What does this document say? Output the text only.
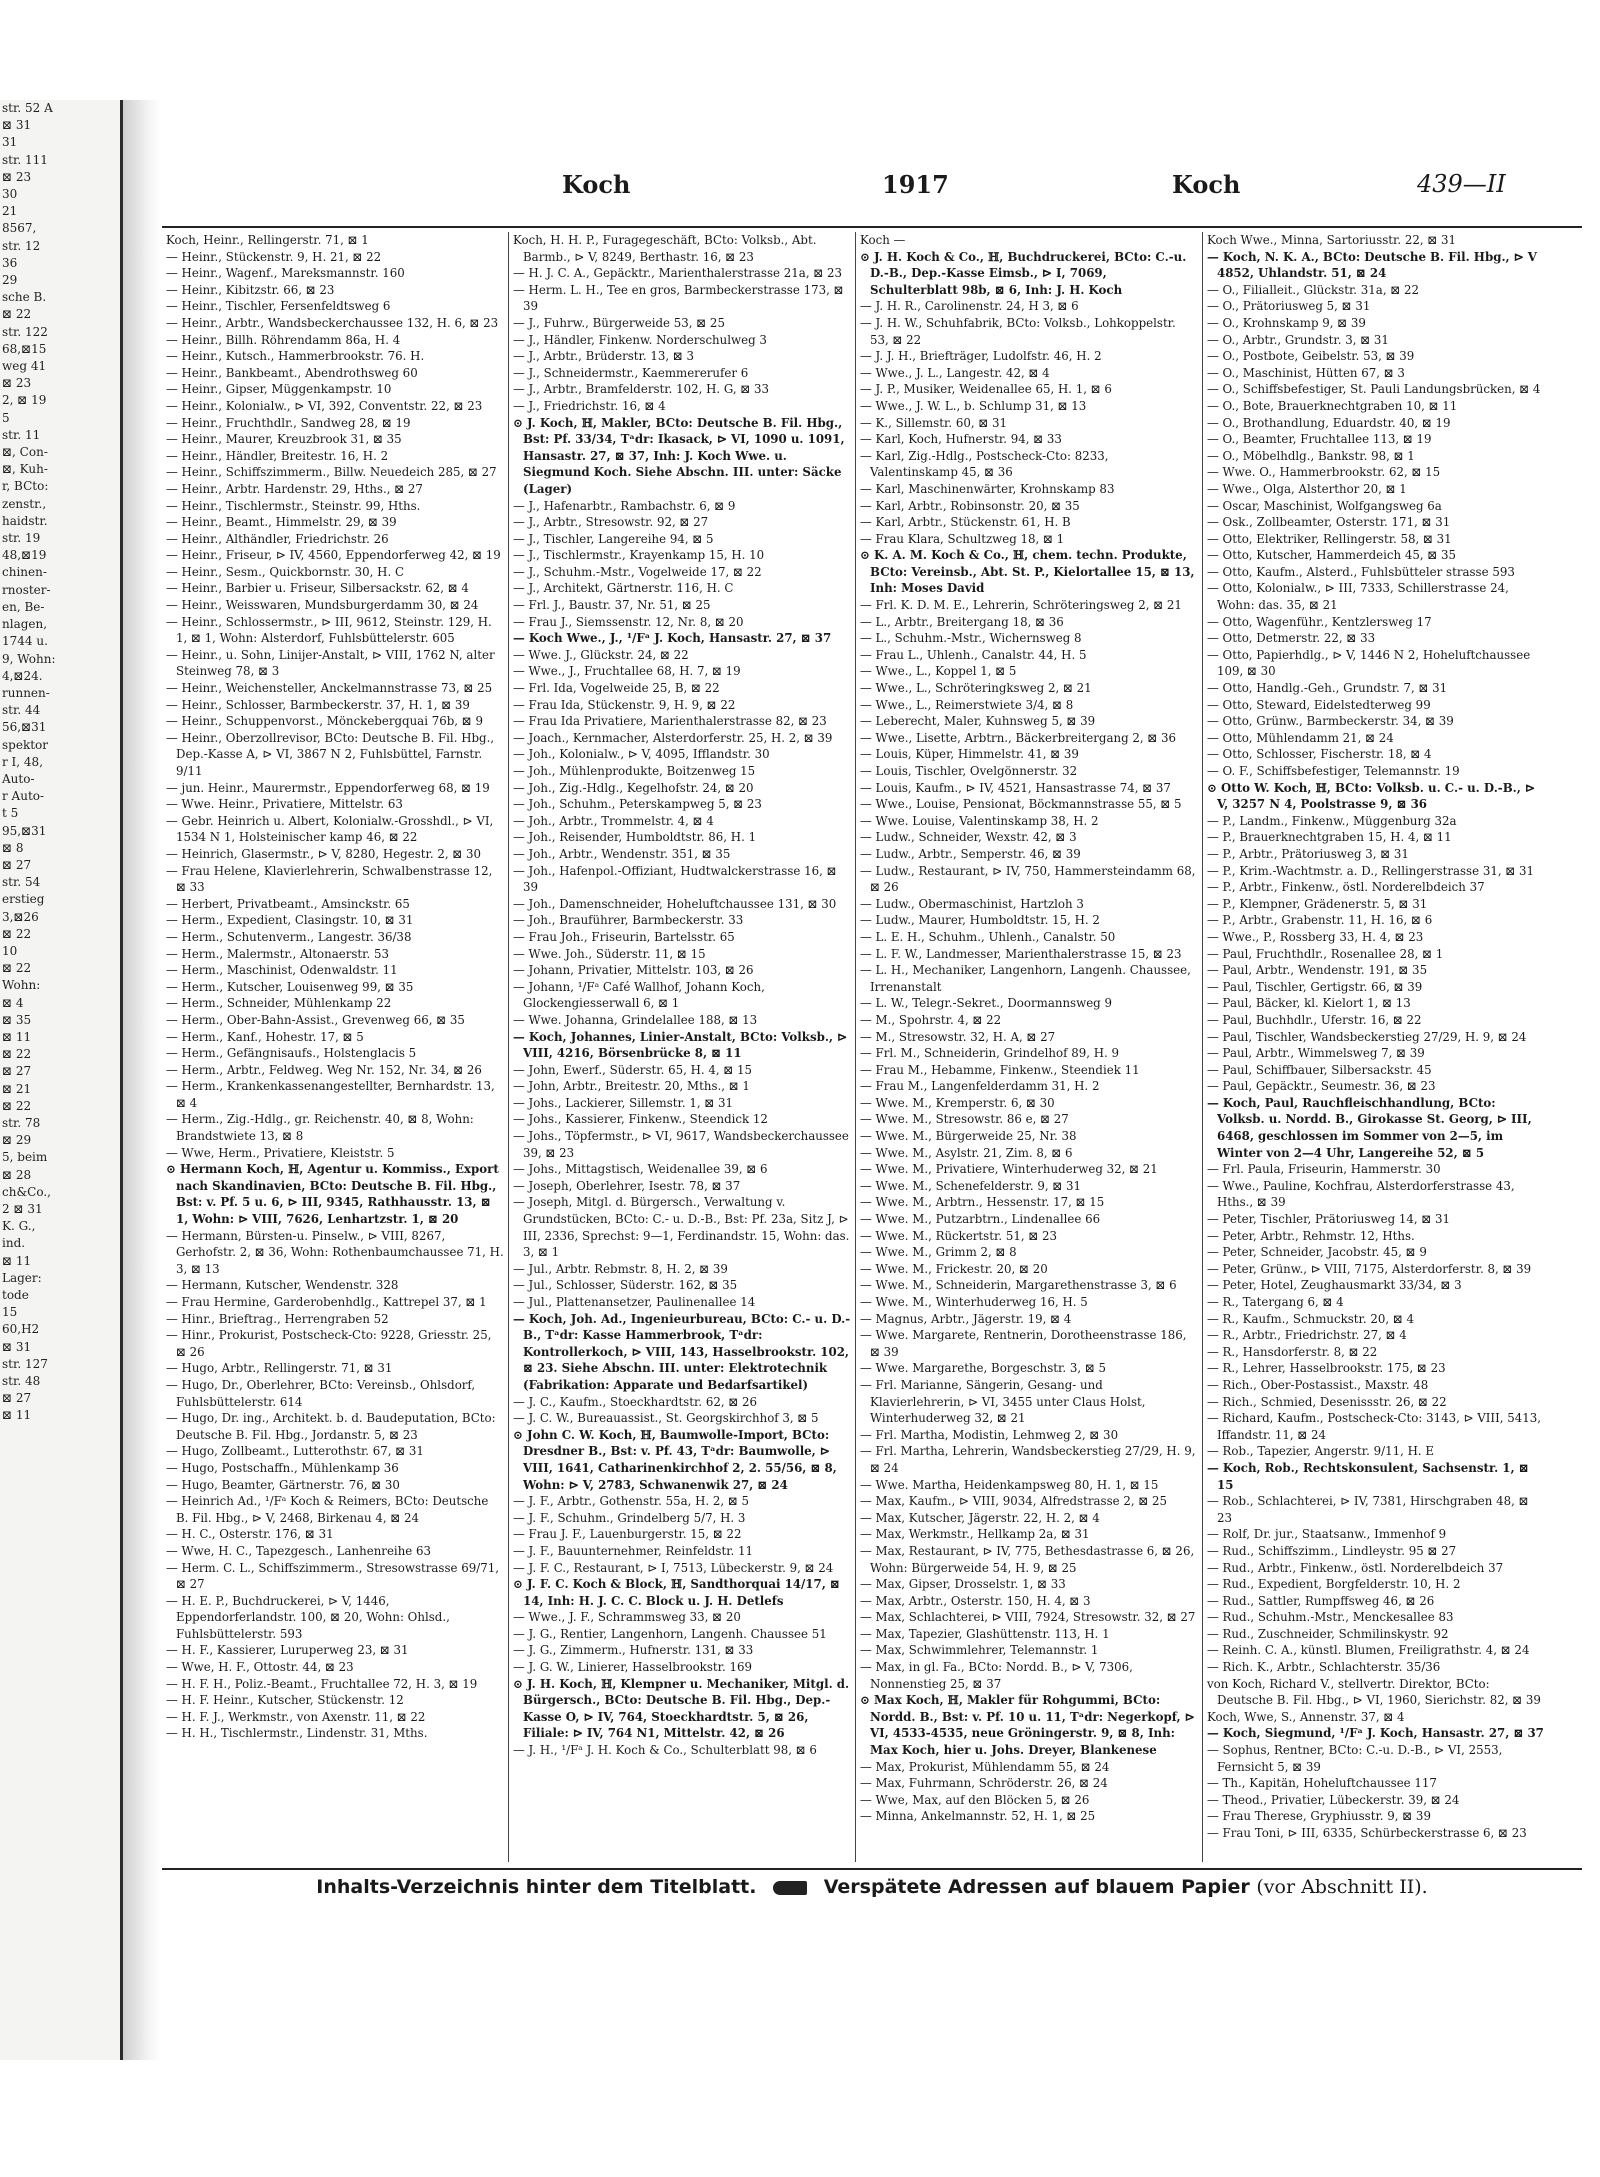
str. 52 A
⊠ 31
31
str. 111
⊠ 23
30
21
8567,
str. 12
36
29
sche B.
⊠ 22
str. 122
68,⊠15
weg 41
⊠ 23
2, ⊠ 19
5
str. 11
⊠, Con-
⊠, Kuh-
r, BCto:
zenstr.,
haidstr.
str. 19
48,⊠19
chinen-
rnoster-
en, Be-
nlagen,
1744 u.
9, Wohn:
4,⊠24.
runnen-
str. 44
56,⊠31
spektor
r I, 48,
Auto-
r Auto-
t 5
95,⊠31
⊠ 8
⊠ 27
str. 54
erstieg
3,⊠26
⊠ 22
10
⊠ 22
Wohn:
⊠ 4
⊠ 35
⊠ 11
⊠ 22
⊠ 27
⊠ 21
⊠ 22
str. 78
⊠ 29
5, beim
⊠ 28
ch&Co.,
2 ⊠ 31
K. G.,
ind.
⊠ 11
Lager:
tode
15
60,H2
⊠ 31
str. 127
str. 48
⊠ 27
⊠ 11
Koch	1917	Koch	439—II
Koch, Heinr., Rellingerstr. 71, ⊠ 1
— Heinr., Stückenstr. 9, H. 21, ⊠ 22
— Heinr., Wagenf., Mareksmannstr. 160
— Heinr., Kibitzstr. 66, ⊠ 23
— Heinr., Tischler, Fersenfeldtsweg 6
— Heinr., Arbtr., Wandsbeckerchaussee 132, H. 6, ⊠ 23
— Heinr., Billh. Röhrendamm 86a, H. 4
— Heinr., Kutsch., Hammerbrookstr. 76. H.
— Heinr., Bankbeamt., Abendrothsweg 60
— Heinr., Gipser, Müggenkampstr. 10
— Heinr., Kolonialw., ⊳ VI, 392, Conventstr. 22, ⊠ 23
— Heinr., Fruchthdlr., Sandweg 28, ⊠ 19
— Heinr., Maurer, Kreuzbrook 31, ⊠ 35
— Heinr., Händler, Breitestr. 16, H. 2
— Heinr., Schiffszimmerm., Billw. Neuedeich 285, ⊠ 27
— Heinr., Arbtr. Hardenstr. 29, Hths., ⊠ 27
— Heinr., Tischlermstr., Steinstr. 99, Hths.
— Heinr., Beamt., Himmelstr. 29, ⊠ 39
— Heinr., Althändler, Friedrichstr. 26
— Heinr., Friseur, ⊳ IV, 4560, Eppendorferweg 42, ⊠ 19
— Heinr., Sesm., Quickbornstr. 30, H. C
— Heinr., Barbier u. Friseur, Silbersackstr. 62, ⊠ 4
— Heinr., Weisswaren, Mundsburgerdamm 30, ⊠ 24
— Heinr., Schlossermstr., ⊳ III, 9612, Steinstr. 129, H. 1, ⊠ 1, Wohn: Alsterdorf, Fuhlsbüttelerstr. 605
— Heinr., u. Sohn, Linijer-Anstalt, ⊳ VIII, 1762 N, alter Steinweg 78, ⊠ 3
— Heinr., Weichensteller, Anckelmannstrasse 73, ⊠ 25
— Heinr., Schlosser, Barmbeckerstr. 37, H. 1, ⊠ 39
— Heinr., Schuppenvorst., Mönckebergquai 76b, ⊠ 9
— Heinr., Oberzollrevisor, BCto: Deutsche B. Fil. Hbg., Dep.-Kasse A, ⊳ VI, 3867 N 2, Fuhlsbüttel, Farnstr. 9/11
— jun. Heinr., Maurermstr., Eppendorferweg 68, ⊠ 19
— Wwe. Heinr., Privatiere, Mittelstr. 63
— Gebr. Heinrich u. Albert, Kolonialw.-Grosshdl., ⊳ VI, 1534 N 1, Holsteinischer kamp 46, ⊠ 22
— Heinrich, Glasermstr., ⊳ V, 8280, Hegestr. 2, ⊠ 30
— Frau Helene, Klavierlehrerin, Schwalbenstrasse 12, ⊠ 33
— Herbert, Privatbeamt., Amsinckstr. 65
— Herm., Expedient, Clasingstr. 10, ⊠ 31
— Herm., Schutenverm., Langestr. 36/38
— Herm., Malermstr., Altonaerstr. 53
— Herm., Maschinist, Odenwaldstr. 11
— Herm., Kutscher, Louisenweg 99, ⊠ 35
— Herm., Schneider, Mühlenkamp 22
— Herm., Ober-Bahn-Assist., Grevenweg 66, ⊠ 35
— Herm., Kanf., Hohestr. 17, ⊠ 5
— Herm., Gefängnisaufs., Holstenglacis 5
— Herm., Arbtr., Feldweg. Weg Nr. 152, Nr. 34, ⊠ 26
— Herm., Krankenkassenangestellter, Bernhardstr. 13, ⊠ 4
— Herm., Zig.-Hdlg., gr. Reichenstr. 40, ⊠ 8, Wohn: Brandstwiete 13, ⊠ 8
— Wwe, Herm., Privatiere, Kleiststr. 5
⊙ Hermann Koch, ℍ, Agentur u. Kommiss., Export nach Skandinavien, BCto: Deutsche B. Fil. Hbg., Bst: v. Pf. 5 u. 6, ⊳ III, 9345, Rathhausstr. 13, ⊠ 1, Wohn: ⊳ VIII, 7626, Lenhartzstr. 1, ⊠ 20
— Hermann, Bürsten-u. Pinselw., ⊳ VIII, 8267, Gerhofstr. 2, ⊠ 36, Wohn: Rothenbaumchaussee 71, H. 3, ⊠ 13
— Hermann, Kutscher, Wendenstr. 328
— Frau Hermine, Garderobenhdlg., Kattrepel 37, ⊠ 1
— Hinr., Brieftrag., Herrengraben 52
— Hinr., Prokurist, Postscheck-Cto: 9228, Griesstr. 25, ⊠ 26
— Hugo, Arbtr., Rellingerstr. 71, ⊠ 31
— Hugo, Dr., Oberlehrer, BCto: Vereinsb., Ohlsdorf, Fuhlsbüttelerstr. 614
— Hugo, Dr. ing., Architekt. b. d. Baudeputation, BCto: Deutsche B. Fil. Hbg., Jordanstr. 5, ⊠ 23
— Hugo, Zollbeamt., Lutterothstr. 67, ⊠ 31
— Hugo, Postschaffn., Mühlenkamp 36
— Hugo, Beamter, Gärtnerstr. 76, ⊠ 30
— Heinrich Ad., ¹/Fᵃ Koch & Reimers, BCto: Deutsche B. Fil. Hbg., ⊳ V, 2468, Birkenau 4, ⊠ 24
— H. C., Osterstr. 176, ⊠ 31
— Wwe, H. C., Tapezgesch., Lanhenreihe 63
— Herm. C. L., Schiffszimmerm., Stresowstrasse 69/71, ⊠ 27
— H. E. P., Buchdruckerei, ⊳ V, 1446, Eppendorferlandstr. 100, ⊠ 20, Wohn: Ohlsd., Fuhlsbüttelerstr. 593
— H. F., Kassierer, Luruperweg 23, ⊠ 31
— Wwe, H. F., Ottostr. 44, ⊠ 23
— H. F. H., Poliz.-Beamt., Fruchtallee 72, H. 3, ⊠ 19
— H. F. Heinr., Kutscher, Stückenstr. 12
— H. F. J., Werkmstr., von Axenstr. 11, ⊠ 22
— H. H., Tischlermstr., Lindenstr. 31, Mths.
Koch, H. H. P., Furagegeschäft, BCto: Volksb., Abt. Barmb., ⊳ V, 8249, Berthastr. 16, ⊠ 23
— H. J. C. A., Gepäcktr., Marienthalerstrasse 21a, ⊠ 23
— Herm. L. H., Tee en gros, Barmbeckerstrasse 173, ⊠ 39
— J., Fuhrw., Bürgerweide 53, ⊠ 25
— J., Händler, Finkenw. Norderschulweg 3
— J., Arbtr., Brüderstr. 13, ⊠ 3
— J., Schneidermstr., Kaemmererufer 6
— J., Arbtr., Bramfelderstr. 102, H. G, ⊠ 33
— J., Friedrichstr. 16, ⊠ 4
⊙ J. Koch, ℍ, Makler, BCto: Deutsche B. Fil. Hbg., Bst: Pf. 33/34, Tᵃdr: Ikasack, ⊳ VI, 1090 u. 1091, Hansastr. 27, ⊠ 37, Inh: J. Koch Wwe. u. Siegmund Koch. Siehe Abschn. III. unter: Säcke (Lager)
— J., Hafenarbtr., Rambachstr. 6, ⊠ 9
— J., Arbtr., Stresowstr. 92, ⊠ 27
— J., Tischler, Langereihe 94, ⊠ 5
— J., Tischlermstr., Krayenkamp 15, H. 10
— J., Schuhm.-Mstr., Vogelweide 17, ⊠ 22
— J., Architekt, Gärtnerstr. 116, H. C
— Frl. J., Baustr. 37, Nr. 51, ⊠ 25
— Frau J., Siemssenstr. 12, Nr. 8, ⊠ 20
— Koch Wwe., J., ¹/Fᵃ J. Koch, Hansastr. 27, ⊠ 37
— Wwe. J., Glückstr. 24, ⊠ 22
— Wwe., J., Fruchtallee 68, H. 7, ⊠ 19
— Frl. Ida, Vogelweide 25, B, ⊠ 22
— Frau Ida, Stückenstr. 9, H. 9, ⊠ 22
— Frau Ida Privatiere, Marienthalerstrasse 82, ⊠ 23
— Joach., Kernmacher, Alsterdorferstr. 25, H. 2, ⊠ 39
— Joh., Kolonialw., ⊳ V, 4095, Ifflandstr. 30
— Joh., Mühlenprodukte, Boitzenweg 15
— Joh., Zig.-Hdlg., Kegelhofstr. 24, ⊠ 20
— Joh., Schuhm., Peterskampweg 5, ⊠ 23
— Joh., Arbtr., Trommelstr. 4, ⊠ 4
— Joh., Reisender, Humboldtstr. 86, H. 1
— Joh., Arbtr., Wendenstr. 351, ⊠ 35
— Joh., Hafenpol.-Offiziant, Hudtwalckerstrasse 16, ⊠ 39
— Joh., Damenschneider, Hoheluftchaussee 131, ⊠ 30
— Joh., Brauführer, Barmbeckerstr. 33
— Frau Joh., Friseurin, Bartelsstr. 65
— Wwe. Joh., Süderstr. 11, ⊠ 15
— Johann, Privatier, Mittelstr. 103, ⊠ 26
— Johann, ¹/Fᵃ Café Wallhof, Johann Koch, Glockengiesserwall 6, ⊠ 1
— Wwe. Johanna, Grindelallee 188, ⊠ 13
— Koch, Johannes, Linier-Anstalt, BCto: Volksb., ⊳ VIII, 4216, Börsenbrücke 8, ⊠ 11
— John, Ewerf., Süderstr. 65, H. 4, ⊠ 15
— John, Arbtr., Breitestr. 20, Mths., ⊠ 1
— Johs., Lackierer, Sillemstr. 1, ⊠ 31
— Johs., Kassierer, Finkenw., Steendick 12
— Johs., Töpfermstr., ⊳ VI, 9617, Wandsbeckerchaussee 39, ⊠ 23
— Johs., Mittagstisch, Weidenallee 39, ⊠ 6
— Joseph, Oberlehrer, Isestr. 78, ⊠ 37
— Joseph, Mitgl. d. Bürgersch., Verwaltung v. Grundstücken, BCto: C.- u. D.-B., Bst: Pf. 23a, Sitz J, ⊳ III, 2336, Sprechst: 9—1, Ferdinandstr. 15, Wohn: das. 3, ⊠ 1
— Jul., Arbtr. Rebmstr. 8, H. 2, ⊠ 39
— Jul., Schlosser, Süderstr. 162, ⊠ 35
— Jul., Plattenansetzer, Paulinenallee 14
— Koch, Joh. Ad., Ingenieurbureau, BCto: C.- u. D.-B., Tᵃdr: Kasse Hammerbrook, Tᵃdr: Kontrollerkoch, ⊳ VIII, 143, Hasselbrookstr. 102, ⊠ 23. Siehe Abschn. III. unter: Elektrotechnik (Fabrikation: Apparate und Bedarfsartikel)
— J. C., Kaufm., Stoeckhardtstr. 62, ⊠ 26
— J. C. W., Bureauassist., St. Georgskirchhof 3, ⊠ 5
⊙ John C. W. Koch, ℍ, Baumwolle-Import, BCto: Dresdner B., Bst: v. Pf. 43, Tᵃdr: Baumwolle, ⊳ VIII, 1641, Catharinenkirchhof 2, 2. 55/56, ⊠ 8, Wohn: ⊳ V, 2783, Schwanenwik 27, ⊠ 24
— J. F., Arbtr., Gothenstr. 55a, H. 2, ⊠ 5
— J. F., Schuhm., Grindelberg 5/7, H. 3
— Frau J. F., Lauenburgerstr. 15, ⊠ 22
— J. F., Bauunternehmer, Reinfeldstr. 11
— J. F. C., Restaurant, ⊳ I, 7513, Lübeckerstr. 9, ⊠ 24
⊙ J. F. C. Koch & Block, ℍ, Sandthorquai 14/17, ⊠ 14, Inh: H. J. C. C. Block u. J. H. Detlefs
— Wwe., J. F., Schrammsweg 33, ⊠ 20
— J. G., Rentier, Langenhorn, Langenh. Chaussee 51
— J. G., Zimmerm., Hufnerstr. 131, ⊠ 33
— J. G. W., Linierer, Hasselbrookstr. 169
⊙ J. H. Koch, ℍ, Klempner u. Mechaniker, Mitgl. d. Bürgersch., BCto: Deutsche B. Fil. Hbg., Dep.-Kasse O, ⊳ IV, 764, Stoeckhardtstr. 5, ⊠ 26, Filiale: ⊳ IV, 764 N1, Mittelstr. 42, ⊠ 26
— J. H., ¹/Fᵃ J. H. Koch & Co., Schulterblatt 98, ⊠ 6
Koch —
⊙ J. H. Koch & Co., ℍ, Buchdruckerei, BCto: C.-u. D.-B., Dep.-Kasse Eimsb., ⊳ I, 7069, Schulterblatt 98b, ⊠ 6, Inh: J. H. Koch
— J. H. R., Carolinenstr. 24, H 3, ⊠ 6
— J. H. W., Schuhfabrik, BCto: Volksb., Lohkoppelstr. 53, ⊠ 22
— J. J. H., Briefträger, Ludolfstr. 46, H. 2
— Wwe., J. L., Langestr. 42, ⊠ 4
— J. P., Musiker, Weidenallee 65, H. 1, ⊠ 6
— Wwe., J. W. L., b. Schlump 31, ⊠ 13
— K., Sillemstr. 60, ⊠ 31
— Karl, Koch, Hufnerstr. 94, ⊠ 33
— Karl, Zig.-Hdlg., Postscheck-Cto: 8233, Valentinskamp 45, ⊠ 36
— Karl, Maschinenwärter, Krohnskamp 83
— Karl, Arbtr., Robinsonstr. 20, ⊠ 35
— Karl, Arbtr., Stückenstr. 61, H. B
— Frau Klara, Schultzweg 18, ⊠ 1
⊙ K. A. M. Koch & Co., ℍ, chem. techn. Produkte, BCto: Vereinsb., Abt. St. P., Kielortallee 15, ⊠ 13, Inh: Moses David
— Frl. K. D. M. E., Lehrerin, Schröteringsweg 2, ⊠ 21
— L., Arbtr., Breitergang 18, ⊠ 36
— L., Schuhm.-Mstr., Wichernsweg 8
— Frau L., Uhlenh., Canalstr. 44, H. 5
— Wwe., L., Koppel 1, ⊠ 5
— Wwe., L., Schröteringksweg 2, ⊠ 21
— Wwe., L., Reimerstwiete 3/4, ⊠ 8
— Leberecht, Maler, Kuhnsweg 5, ⊠ 39
— Wwe., Lisette, Arbtrn., Bäckerbreitergang 2, ⊠ 36
— Louis, Küper, Himmelstr. 41, ⊠ 39
— Louis, Tischler, Ovelgönnerstr. 32
— Louis, Kaufm., ⊳ IV, 4521, Hansastrasse 74, ⊠ 37
— Wwe., Louise, Pensionat, Böckmannstrasse 55, ⊠ 5
— Wwe. Louise, Valentinskamp 38, H. 2
— Ludw., Schneider, Wexstr. 42, ⊠ 3
— Ludw., Arbtr., Semperstr. 46, ⊠ 39
— Ludw., Restaurant, ⊳ IV, 750, Hammersteindamm 68, ⊠ 26
— Ludw., Obermaschinist, Hartzloh 3
— Ludw., Maurer, Humboldtstr. 15, H. 2
— L. E. H., Schuhm., Uhlenh., Canalstr. 50
— L. F. W., Landmesser, Marienthalerstrasse 15, ⊠ 23
— L. H., Mechaniker, Langenhorn, Langenh. Chaussee, Irrenanstalt
— L. W., Telegr.-Sekret., Doormannsweg 9
— M., Spohrstr. 4, ⊠ 22
— M., Stresowstr. 32, H. A, ⊠ 27
— Frl. M., Schneiderin, Grindelhof 89, H. 9
— Frau M., Hebamme, Finkenw., Steendiek 11
— Frau M., Langenfelderdamm 31, H. 2
— Wwe. M., Kremperstr. 6, ⊠ 30
— Wwe. M., Stresowstr. 86 e, ⊠ 27
— Wwe. M., Bürgerweide 25, Nr. 38
— Wwe. M., Asylstr. 21, Zim. 8, ⊠ 6
— Wwe. M., Privatiere, Winterhuderweg 32, ⊠ 21
— Wwe. M., Schenefelderstr. 9, ⊠ 31
— Wwe. M., Arbtrn., Hessenstr. 17, ⊠ 15
— Wwe. M., Putzarbtrn., Lindenallee 66
— Wwe. M., Rückertstr. 51, ⊠ 23
— Wwe. M., Grimm 2, ⊠ 8
— Wwe. M., Frickestr. 20, ⊠ 20
— Wwe. M., Schneiderin, Margarethenstrasse 3, ⊠ 6
— Wwe. M., Winterhuderweg 16, H. 5
— Magnus, Arbtr., Jägerstr. 19, ⊠ 4
— Wwe. Margarete, Rentnerin, Dorotheenstrasse 186, ⊠ 39
— Wwe. Margarethe, Borgeschstr. 3, ⊠ 5
— Frl. Marianne, Sängerin, Gesang- und Klavierlehrerin, ⊳ VI, 3455 unter Claus Holst, Winterhuderweg 32, ⊠ 21
— Frl. Martha, Modistin, Lehmweg 2, ⊠ 30
— Frl. Martha, Lehrerin, Wandsbeckerstieg 27/29, H. 9, ⊠ 24
— Wwe. Martha, Heidenkampsweg 80, H. 1, ⊠ 15
— Max, Kaufm., ⊳ VIII, 9034, Alfredstrasse 2, ⊠ 25
— Max, Kutscher, Jägerstr. 22, H. 2, ⊠ 4
— Max, Werkmstr., Hellkamp 2a, ⊠ 31
— Max, Restaurant, ⊳ IV, 775, Bethesdastrasse 6, ⊠ 26, Wohn: Bürgerweide 54, H. 9, ⊠ 25
— Max, Gipser, Drosselstr. 1, ⊠ 33
— Max, Arbtr., Osterstr. 150, H. 4, ⊠ 3
— Max, Schlachterei, ⊳ VIII, 7924, Stresowstr. 32, ⊠ 27
— Max, Tapezier, Glashüttenstr. 113, H. 1
— Max, Schwimmlehrer, Telemannstr. 1
— Max, in gl. Fa., BCto: Nordd. B., ⊳ V, 7306, Nonnenstieg 25, ⊠ 37
⊙ Max Koch, ℍ, Makler für Rohgummi, BCto: Nordd. B., Bst: v. Pf. 10 u. 11, Tᵃdr: Negerkopf, ⊳ VI, 4533-4535, neue Gröningerstr. 9, ⊠ 8, Inh: Max Koch, hier u. Johs. Dreyer, Blankenese
— Max, Prokurist, Mühlendamm 55, ⊠ 24
— Max, Fuhrmann, Schröderstr. 26, ⊠ 24
— Wwe, Max, auf den Blöcken 5, ⊠ 26
— Minna, Ankelmannstr. 52, H. 1, ⊠ 25
Koch Wwe., Minna, Sartoriusstr. 22, ⊠ 31
— Koch, N. K. A., BCto: Deutsche B. Fil. Hbg., ⊳ V 4852, Uhlandstr. 51, ⊠ 24
— O., Filialleit., Glückstr. 31a, ⊠ 22
— O., Prätoriusweg 5, ⊠ 31
— O., Krohnskamp 9, ⊠ 39
— O., Arbtr., Grundstr. 3, ⊠ 31
— O., Postbote, Geibelstr. 53, ⊠ 39
— O., Maschinist, Hütten 67, ⊠ 3
— O., Schiffsbefestiger, St. Pauli Landungsbrücken, ⊠ 4
— O., Bote, Brauerknechtgraben 10, ⊠ 11
— O., Brothandlung, Eduardstr. 40, ⊠ 19
— O., Beamter, Fruchtallee 113, ⊠ 19
— O., Möbelhdlg., Bankstr. 98, ⊠ 1
— Wwe. O., Hammerbrookstr. 62, ⊠ 15
— Wwe., Olga, Alsterthor 20, ⊠ 1
— Oscar, Maschinist, Wolfgangsweg 6a
— Osk., Zollbeamter, Osterstr. 171, ⊠ 31
— Otto, Elektriker, Rellingerstr. 58, ⊠ 31
— Otto, Kutscher, Hammerdeich 45, ⊠ 35
— Otto, Kaufm., Alsterd., Fuhlsbütteler strasse 593
— Otto, Kolonialw., ⊳ III, 7333, Schillerstrasse 24, Wohn: das. 35, ⊠ 21
— Otto, Wagenführ., Kentzlersweg 17
— Otto, Detmerstr. 22, ⊠ 33
— Otto, Papierhdlg., ⊳ V, 1446 N 2, Hoheluftchaussee 109, ⊠ 30
— Otto, Handlg.-Geh., Grundstr. 7, ⊠ 31
— Otto, Steward, Eidelstedterweg 99
— Otto, Grünw., Barmbeckerstr. 34, ⊠ 39
— Otto, Mühlendamm 21, ⊠ 24
— Otto, Schlosser, Fischerstr. 18, ⊠ 4
— O. F., Schiffsbefestiger, Telemannstr. 19
⊙ Otto W. Koch, ℍ, BCto: Volksb. u. C.- u. D.-B., ⊳ V, 3257 N 4, Poolstrasse 9, ⊠ 36
— P., Landm., Finkenw., Müggenburg 32a
— P., Brauerknechtgraben 15, H. 4, ⊠ 11
— P., Arbtr., Prätoriusweg 3, ⊠ 31
— P., Krim.-Wachtmstr. a. D., Rellingerstrasse 31, ⊠ 31
— P., Arbtr., Finkenw., östl. Norderelbdeich 37
— P., Klempner, Grädenerstr. 5, ⊠ 31
— P., Arbtr., Grabenstr. 11, H. 16, ⊠ 6
— Wwe., P., Rossberg 33, H. 4, ⊠ 23
— Paul, Fruchthdlr., Rosenallee 28, ⊠ 1
— Paul, Arbtr., Wendenstr. 191, ⊠ 35
— Paul, Tischler, Gertigstr. 66, ⊠ 39
— Paul, Bäcker, kl. Kielort 1, ⊠ 13
— Paul, Buchhdlr., Uferstr. 16, ⊠ 22
— Paul, Tischler, Wandsbeckerstieg 27/29, H. 9, ⊠ 24
— Paul, Arbtr., Wimmelsweg 7, ⊠ 39
— Paul, Schiffbauer, Silbersackstr. 45
— Paul, Gepäcktr., Seumestr. 36, ⊠ 23
— Koch, Paul, Rauchfleischhandlung, BCto: Volksb. u. Nordd. B., Girokasse St. Georg, ⊳ III, 6468, geschlossen im Sommer von 2—5, im Winter von 2—4 Uhr, Langereihe 52, ⊠ 5
— Frl. Paula, Friseurin, Hammerstr. 30
— Wwe., Pauline, Kochfrau, Alsterdorferstrasse 43, Hths., ⊠ 39
— Peter, Tischler, Prätoriusweg 14, ⊠ 31
— Peter, Arbtr., Rehmstr. 12, Hths.
— Peter, Schneider, Jacobstr. 45, ⊠ 9
— Peter, Grünw., ⊳ VIII, 7175, Alsterdorferstr. 8, ⊠ 39
— Peter, Hotel, Zeughausmarkt 33/34, ⊠ 3
— R., Tatergang 6, ⊠ 4
— R., Kaufm., Schmuckstr. 20, ⊠ 4
— R., Arbtr., Friedrichstr. 27, ⊠ 4
— R., Hansdorferstr. 8, ⊠ 22
— R., Lehrer, Hasselbrookstr. 175, ⊠ 23
— Rich., Ober-Postassist., Maxstr. 48
— Rich., Schmied, Desenissstr. 26, ⊠ 22
— Richard, Kaufm., Postscheck-Cto: 3143, ⊳ VIII, 5413, Iffandstr. 11, ⊠ 24
— Rob., Tapezier, Angerstr. 9/11, H. E
— Koch, Rob., Rechtskonsulent, Sachsenstr. 1, ⊠ 15
— Rob., Schlachterei, ⊳ IV, 7381, Hirschgraben 48, ⊠ 23
— Rolf, Dr. jur., Staatsanw., Immenhof 9
— Rud., Schiffszimm., Lindleystr. 95 ⊠ 27
— Rud., Arbtr., Finkenw., östl. Norderelbdeich 37
— Rud., Expedient, Borgfelderstr. 10, H. 2
— Rud., Sattler, Rumpffsweg 46, ⊠ 26
— Rud., Schuhm.-Mstr., Menckesallee 83
— Rud., Zuschneider, Schmilinskystr. 92
— Reinh. C. A., künstl. Blumen, Freiligrathstr. 4, ⊠ 24
— Rich. K., Arbtr., Schlachterstr. 35/36
von Koch, Richard V., stellvertr. Direktor, BCto: Deutsche B. Fil. Hbg., ⊳ VI, 1960, Sierichstr. 82, ⊠ 39
Koch, Wwe, S., Annenstr. 37, ⊠ 4
— Koch, Siegmund, ¹/Fᵃ J. Koch, Hansastr. 27, ⊠ 37
— Sophus, Rentner, BCto: C.-u. D.-B., ⊳ VI, 2553, Fernsicht 5, ⊠ 39
— Th., Kapitän, Hoheluftchaussee 117
— Theod., Privatier, Lübeckerstr. 39, ⊠ 24
— Frau Therese, Gryphiusstr. 9, ⊠ 39
— Frau Toni, ⊳ III, 6335, Schürbeckerstrasse 6, ⊠ 23
Inhalts-Verzeichnis hinter dem Titelblatt.	Verspätete Adressen auf blauem Papier (vor Abschnitt II).
